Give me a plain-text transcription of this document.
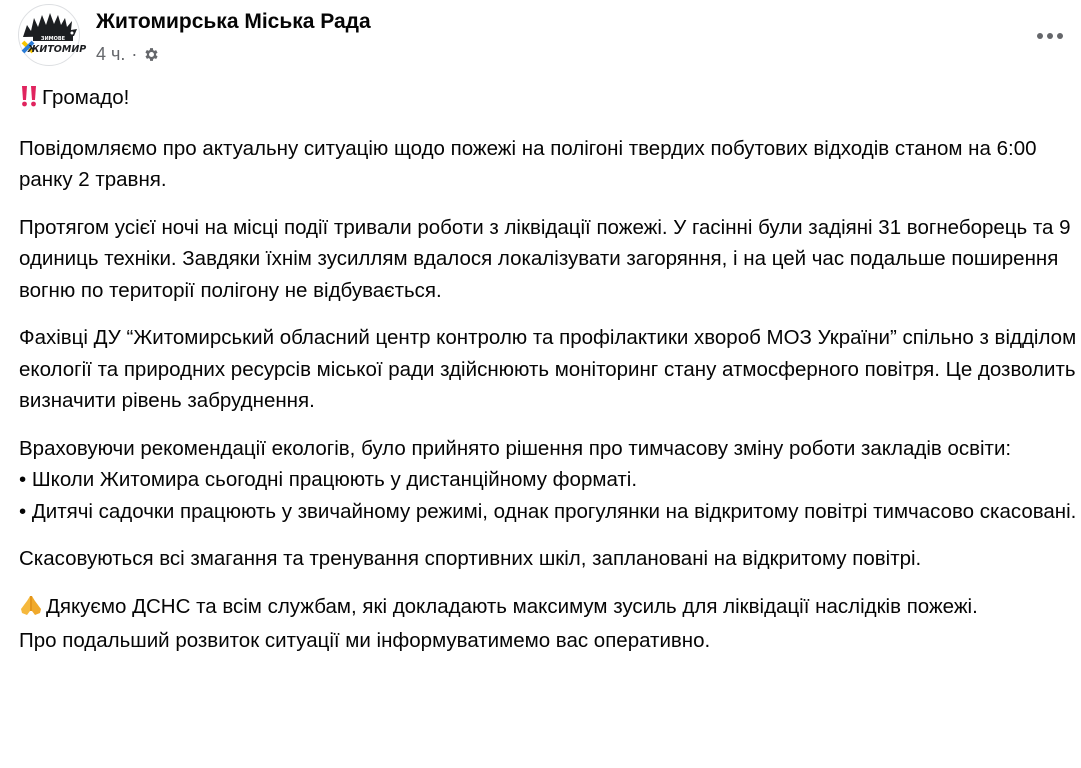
ЗИМОВЕ
ЖИТОМИР
Житомирська Міська Рада
4 ч. ·

Громадо!

Повідомляємо про актуальну ситуацію щодо пожежі на полігоні твердих побутових відходів станом на 6:00 ранку 2 травня.

Протягом усієї ночі на місці події тривали роботи з ліквідації пожежі. У гасінні були задіяні 31 вогнеборець та 9 одиниць техніки. Завдяки їхнім зусиллям вдалося локалізувати загоряння, і на цей час подальше поширення вогню по території полігону не відбувається.

Фахівці ДУ “Житомирський обласний центр контролю та профілактики хвороб МОЗ України” спільно з відділом екології та природних ресурсів міської ради здійснюють моніторинг стану атмосферного повітря. Це дозволить визначити рівень забруднення.

Враховуючи рекомендації екологів, було прийнято рішення про тимчасову зміну роботи закладів освіти:
• Школи Житомира сьогодні працюють у дистанційному форматі.
• Дитячі садочки працюють у звичайному режимі, однак прогулянки на відкритому повітрі тимчасово скасовані.

Скасовуються всі змагання та тренування спортивних шкіл, заплановані на відкритому повітрі.

Дякуємо ДСНС та всім службам, які докладають максимум зусиль для ліквідації наслідків пожежі.

Про подальший розвиток ситуації ми інформуватимемо вас оперативно.
